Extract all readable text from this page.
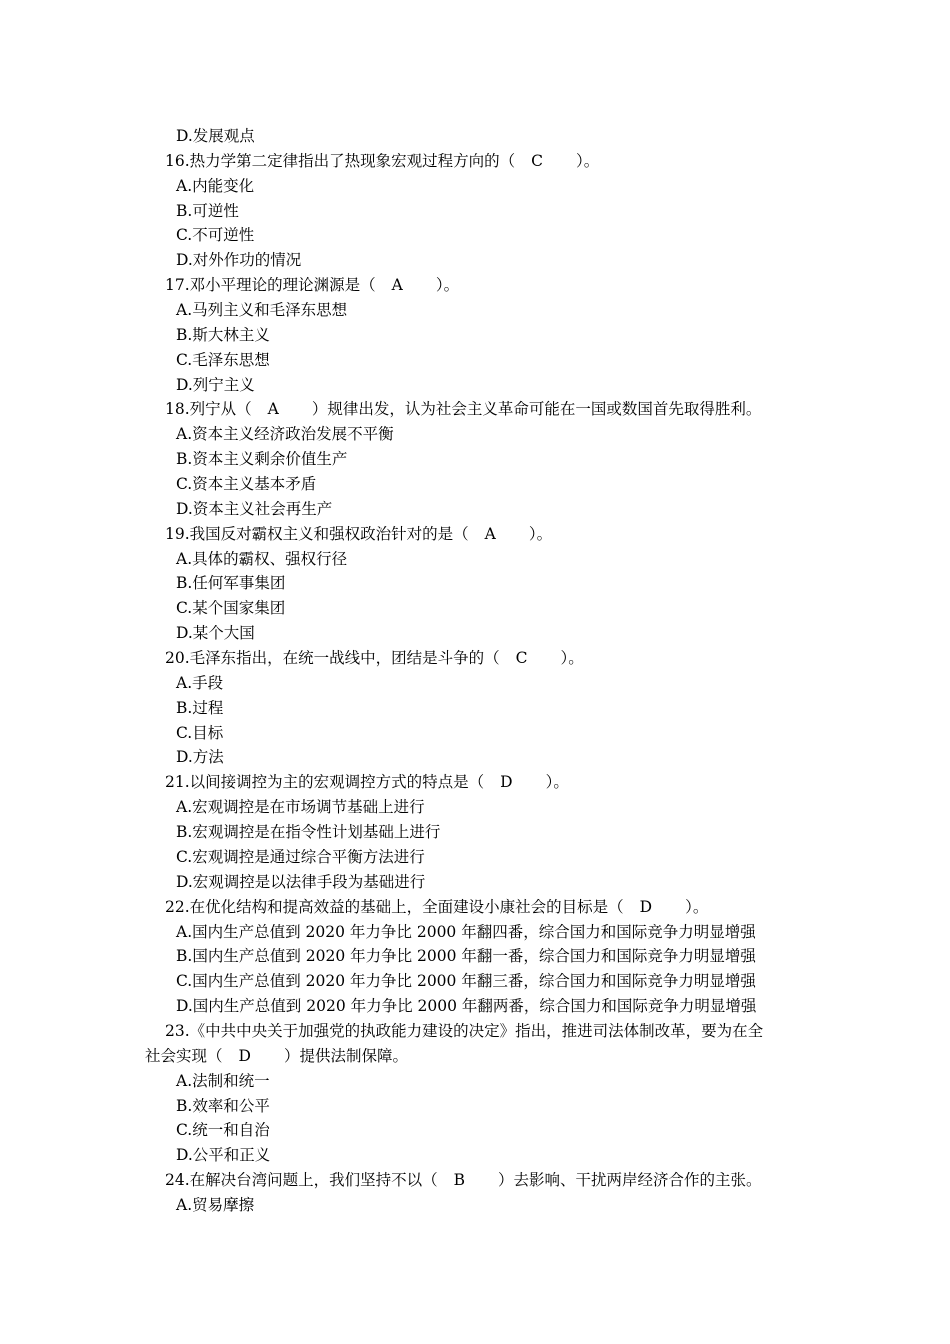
D.发展观点
16.热力学第二定律指出了热现象宏观过程方向的（ C ）。
A.内能变化
B.可逆性
C.不可逆性
D.对外作功的情况
17.邓小平理论的理论渊源是（ A ）。
A.马列主义和毛泽东思想
B.斯大林主义
C.毛泽东思想
D.列宁主义
18.列宁从（ A ）规律出发，认为社会主义革命可能在一国或数国首先取得胜利。
A.资本主义经济政治发展不平衡
B.资本主义剩余价值生产
C.资本主义基本矛盾
D.资本主义社会再生产
19.我国反对霸权主义和强权政治针对的是（ A ）。
A.具体的霸权、强权行径
B.任何军事集团
C.某个国家集团
D.某个大国
20.毛泽东指出，在统一战线中，团结是斗争的（ C ）。
A.手段
B.过程
C.目标
D.方法
21.以间接调控为主的宏观调控方式的特点是（ D ）。
A.宏观调控是在市场调节基础上进行
B.宏观调控是在指令性计划基础上进行
C.宏观调控是通过综合平衡方法进行
D.宏观调控是以法律手段为基础进行
22.在优化结构和提高效益的基础上，全面建设小康社会的目标是（ D ）。
A.国内生产总值到 2020 年力争比 2000 年翻四番，综合国力和国际竞争力明显增强
B.国内生产总值到 2020 年力争比 2000 年翻一番，综合国力和国际竞争力明显增强
C.国内生产总值到 2020 年力争比 2000 年翻三番，综合国力和国际竞争力明显增强
D.国内生产总值到 2020 年力争比 2000 年翻两番，综合国力和国际竞争力明显增强
23.《中共中央关于加强党的执政能力建设的决定》指出，推进司法体制改革，要为在全
社会实现（ D ）提供法制保障。
A.法制和统一
B.效率和公平
C.统一和自治
D.公平和正义
24.在解决台湾问题上，我们坚持不以（ B ）去影响、干扰两岸经济合作的主张。
A.贸易摩擦
